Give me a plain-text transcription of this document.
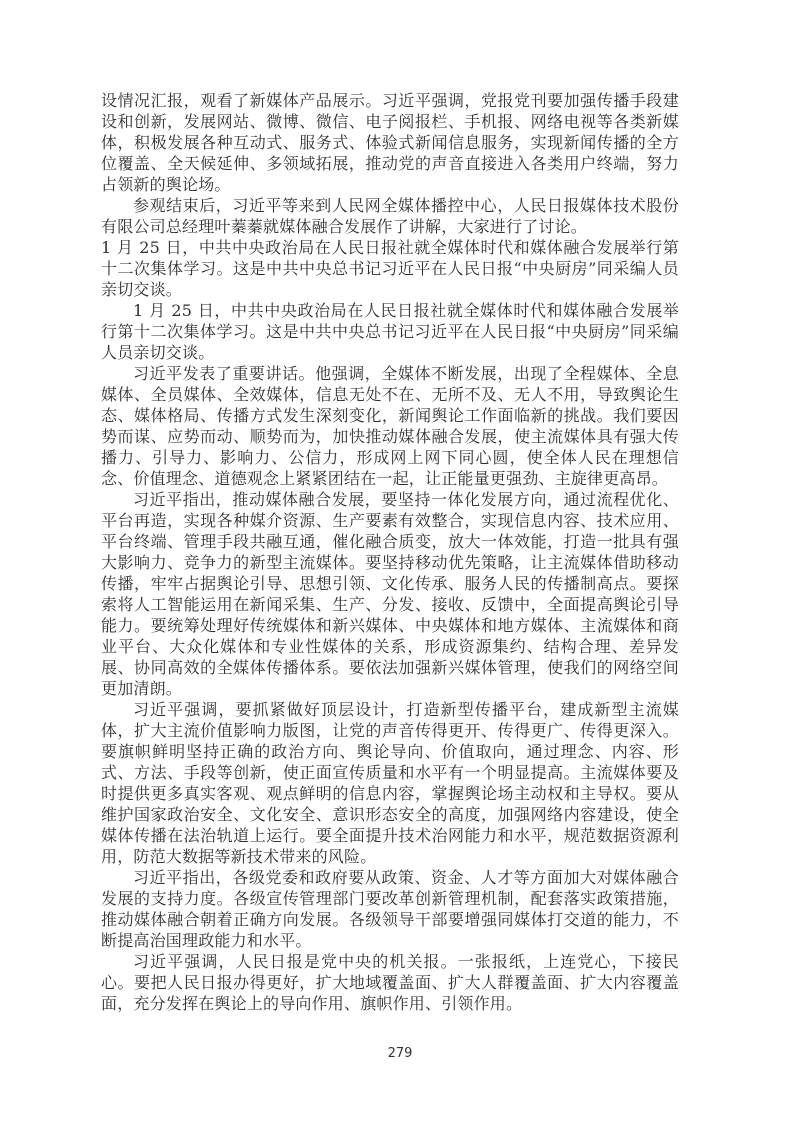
设情况汇报，观看了新媒体产品展示。习近平强调，党报党刊要加强传播手段建设和创新，发展网站、微博、微信、电子阅报栏、手机报、网络电视等各类新媒体，积极发展各种互动式、服务式、体验式新闻信息服务，实现新闻传播的全方位覆盖、全天候延伸、多领域拓展，推动党的声音直接进入各类用户终端，努力占领新的舆论场。

参观结束后，习近平等来到人民网全媒体播控中心，人民日报媒体技术股份有限公司总经理叶蓁蓁就媒体融合发展作了讲解，大家进行了讨论。

1 月 25 日，中共中央政治局在人民日报社就全媒体时代和媒体融合发展举行第十二次集体学习。这是中共中央总书记习近平在人民日报“中央厨房”同采编人员亲切交谈。

1 月 25 日，中共中央政治局在人民日报社就全媒体时代和媒体融合发展举行第十二次集体学习。这是中共中央总书记习近平在人民日报“中央厨房”同采编人员亲切交谈。

习近平发表了重要讲话。他强调，全媒体不断发展，出现了全程媒体、全息媒体、全员媒体、全效媒体，信息无处不在、无所不及、无人不用，导致舆论生态、媒体格局、传播方式发生深刻变化，新闻舆论工作面临新的挑战。我们要因势而谋、应势而动、顺势而为，加快推动媒体融合发展，使主流媒体具有强大传播力、引导力、影响力、公信力，形成网上网下同心圆，使全体人民在理想信念、价值理念、道德观念上紧紧团结在一起，让正能量更强劲、主旋律更高昂。

习近平指出，推动媒体融合发展，要坚持一体化发展方向，通过流程优化、平台再造，实现各种媒介资源、生产要素有效整合，实现信息内容、技术应用、平台终端、管理手段共融互通，催化融合质变，放大一体效能，打造一批具有强大影响力、竞争力的新型主流媒体。要坚持移动优先策略，让主流媒体借助移动传播，牢牢占据舆论引导、思想引领、文化传承、服务人民的传播制高点。要探索将人工智能运用在新闻采集、生产、分发、接收、反馈中，全面提高舆论引导能力。要统筹处理好传统媒体和新兴媒体、中央媒体和地方媒体、主流媒体和商业平台、大众化媒体和专业性媒体的关系，形成资源集约、结构合理、差异发展、协同高效的全媒体传播体系。要依法加强新兴媒体管理，使我们的网络空间更加清朗。

习近平强调，要抓紧做好顶层设计，打造新型传播平台，建成新型主流媒体，扩大主流价值影响力版图，让党的声音传得更开、传得更广、传得更深入。要旗帜鲜明坚持正确的政治方向、舆论导向、价值取向，通过理念、内容、形式、方法、手段等创新，使正面宣传质量和水平有一个明显提高。主流媒体要及时提供更多真实客观、观点鲜明的信息内容，掌握舆论场主动权和主导权。要从维护国家政治安全、文化安全、意识形态安全的高度，加强网络内容建设，使全媒体传播在法治轨道上运行。要全面提升技术治网能力和水平，规范数据资源利用，防范大数据等新技术带来的风险。

习近平指出，各级党委和政府要从政策、资金、人才等方面加大对媒体融合发展的支持力度。各级宣传管理部门要改革创新管理机制，配套落实政策措施，推动媒体融合朝着正确方向发展。各级领导干部要增强同媒体打交道的能力，不断提高治国理政能力和水平。

习近平强调，人民日报是党中央的机关报。一张报纸，上连党心，下接民心。要把人民日报办得更好，扩大地域覆盖面、扩大人群覆盖面、扩大内容覆盖面，充分发挥在舆论上的导向作用、旗帜作用、引领作用。

279
